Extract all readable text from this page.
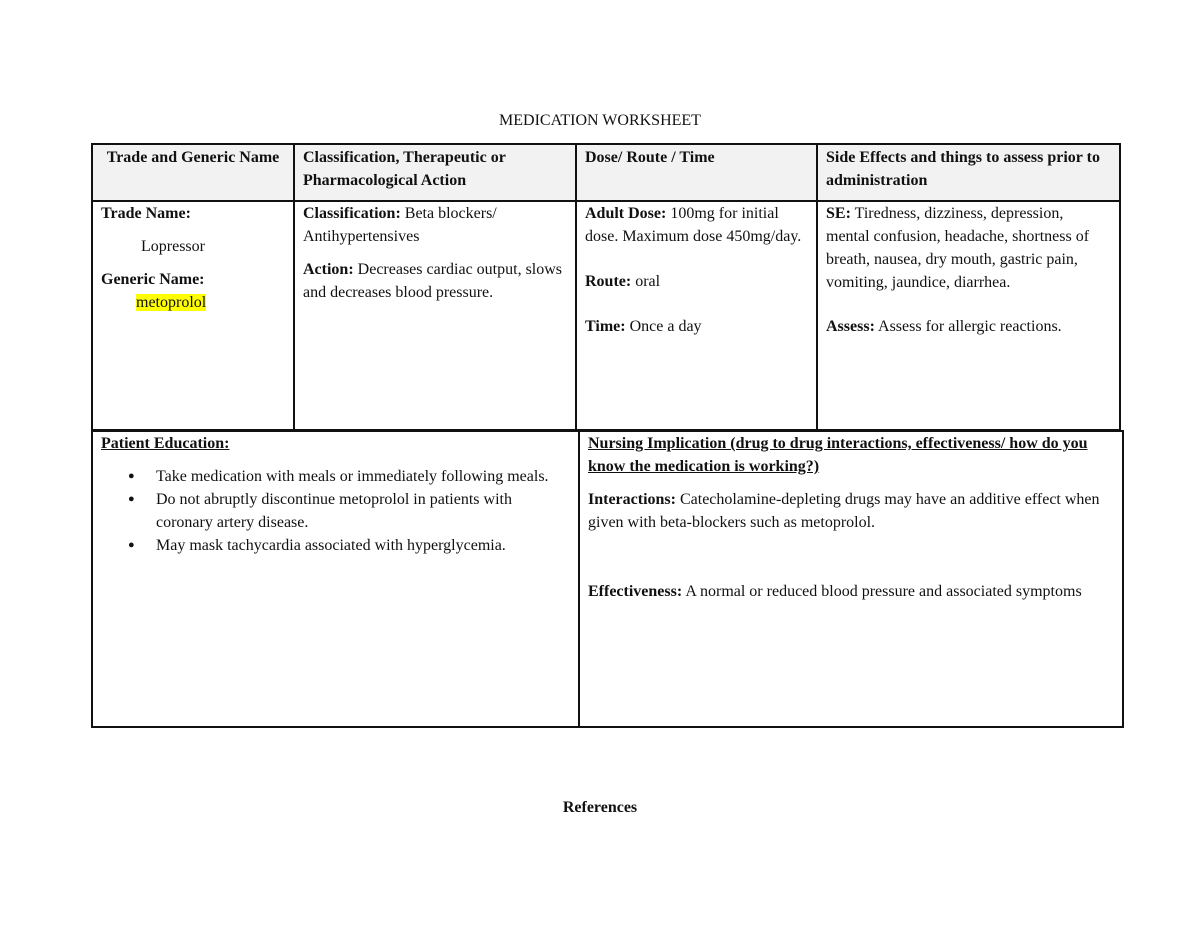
MEDICATION WORKSHEET
Trade and Generic Name	Classification, Therapeutic or Pharmacological Action
Dose/ Route / Time	Side Effects and things to assess prior to administration

Trade Name:

Lopressor

Generic Name:

metoprolol

Classification: Beta blockers/ Antihypertensives

Action: Decreases cardiac output, slows and decreases blood pressure.

Adult Dose: 100mg for initial dose. Maximum dose 450mg/day.

Route: oral

Time: Once a day

SE: Tiredness, dizziness, depression, mental confusion, headache, shortness of breath, nausea, dry mouth, gastric pain, vomiting, jaundice, diarrhea.

Assess: Assess for allergic reactions.

Patient Education:

● Take medication with meals or immediately following meals.
● Do not abruptly discontinue metoprolol in patients with coronary artery disease.
● May mask tachycardia associated with hyperglycemia.

Nursing Implication (drug to drug interactions, effectiveness/ how do you know the medication is working?)

Interactions: Catecholamine-depleting drugs may have an additive effect when given with beta-blockers such as metoprolol.

Effectiveness: A normal or reduced blood pressure and associated symptoms

References
